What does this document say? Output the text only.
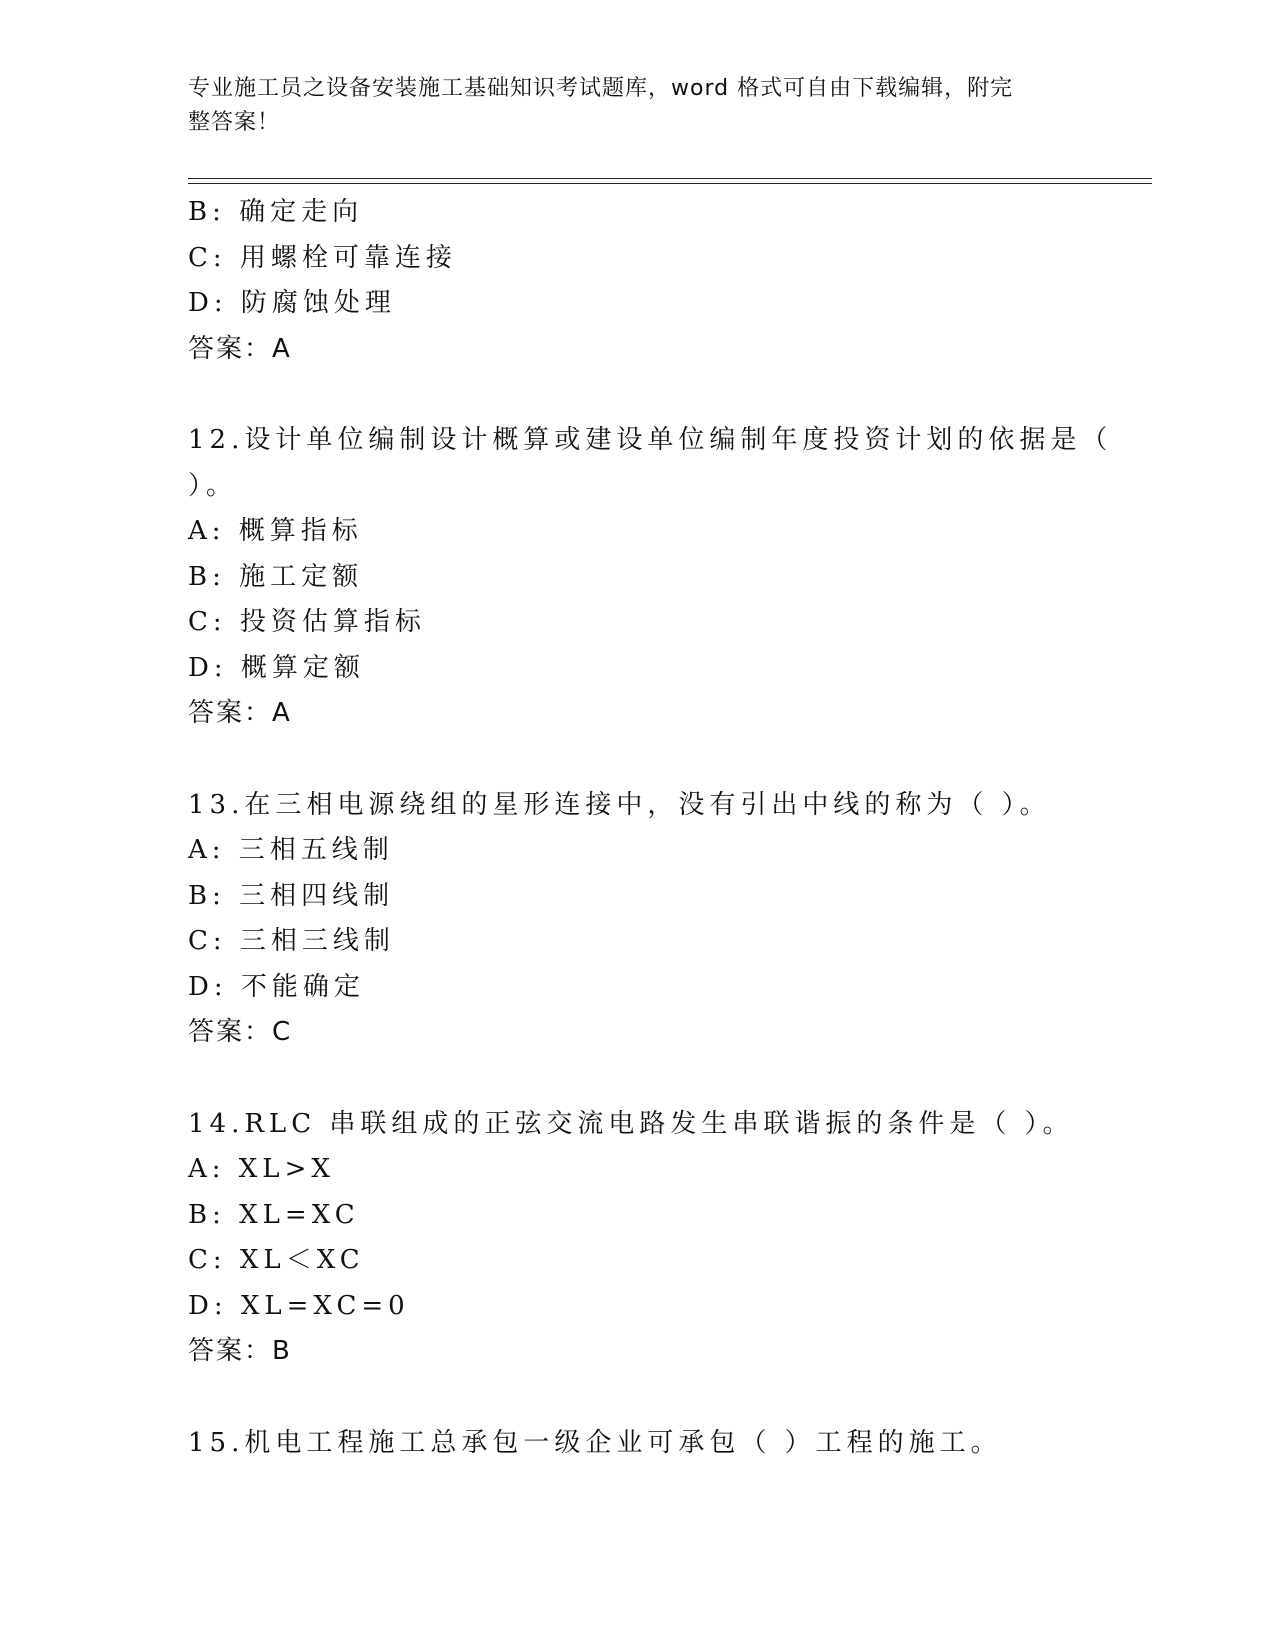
专业施工员之设备安装施工基础知识考试题库，word 格式可自由下载编辑，附完
整答案！
B: 确定走向
C: 用螺栓可靠连接
D: 防腐蚀处理
答案：A
12.设计单位编制设计概算或建设单位编制年度投资计划的依据是（
）。
A: 概算指标
B: 施工定额
C: 投资估算指标
D: 概算定额
答案：A
13.在三相电源绕组的星形连接中，没有引出中线的称为（ ）。
A: 三相五线制
B: 三相四线制
C: 三相三线制
D: 不能确定
答案：C
14.RLC 串联组成的正弦交流电路发生串联谐振的条件是（ ）。
A: XL>X
B: XL=XC
C: XL＜XC
D: XL=XC=0
答案：B
15.机电工程施工总承包一级企业可承包（ ）工程的施工。
